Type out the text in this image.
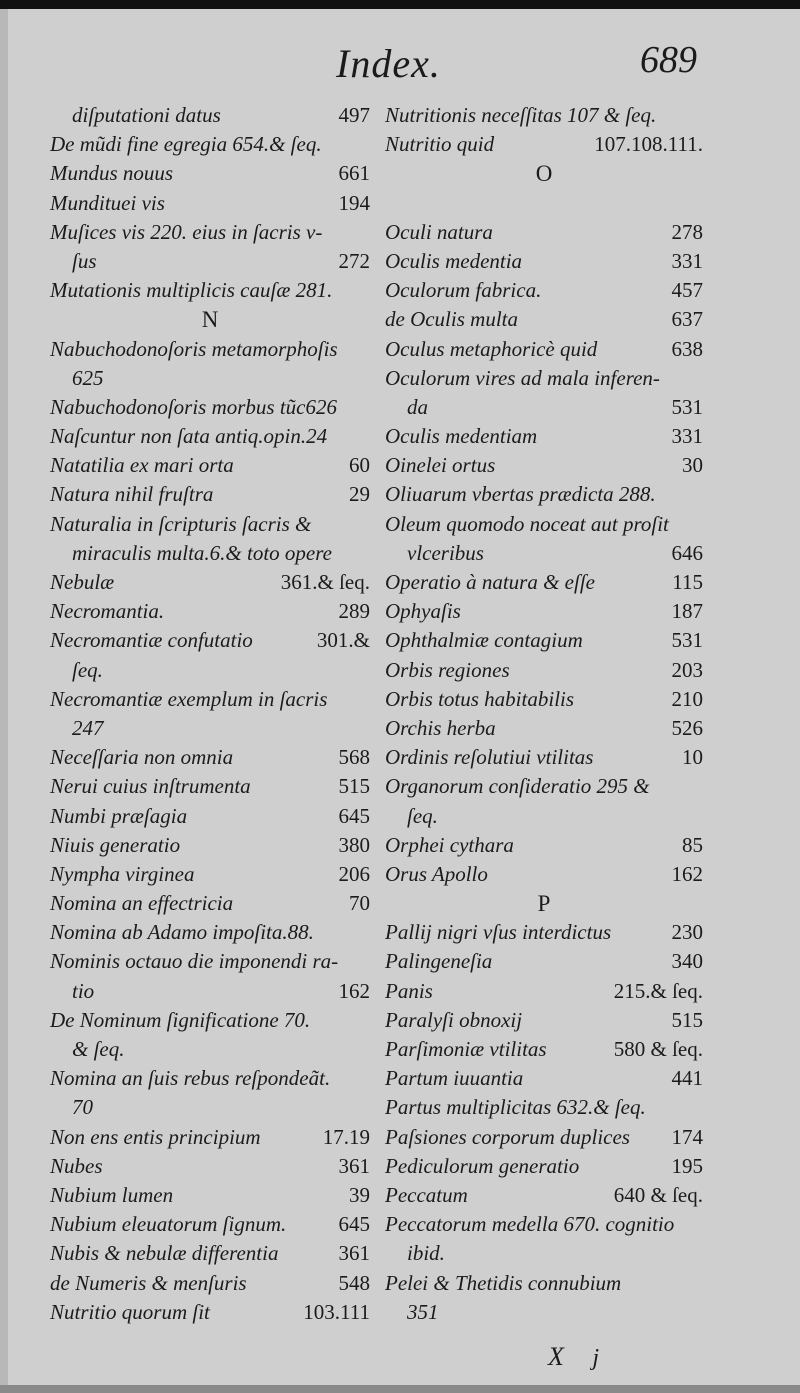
Index.	689
diſputationi datus	497
De mũdi fine egregia 654.& ſeq.
Mundus nouus	661
Mundituei vis	194
Muſices vis 220. eius in ſacris v-
ſus	272
Mutationis multiplicis cauſæ 281.
N
Nabuchodonoſoris metamorphoſis
625
Nabuchodonoſoris morbus tũc626
Naſcuntur non ſata antiq.opin.24
Natatilia ex mari orta	60
Natura nihil fruſtra	29
Naturalia in ſcripturis ſacris &
miraculis multa.6.& toto opere
Nebulæ	361.& ſeq.
Necromantia.	289
Necromantiæ confutatio	301.&
ſeq.
Necromantiæ exemplum in ſacris
247
Neceſſaria non omnia	568
Nerui cuius inſtrumenta	515
Numbi præſagia	645
Niuis generatio	380
Nympha virginea	206
Nomina an effectricia	70
Nomina ab Adamo impoſita.88.
Nominis octauo die imponendi ra-
tio	162
De Nominum ſignificatione 70.
& ſeq.
Nomina an ſuis rebus reſpondeãt.
70
Non ens entis principium	17.19
Nubes	361
Nubium lumen	39
Nubium eleuatorum ſignum. 645
Nubis & nebulæ differentia	361
de Numeris & menſuris	548
Nutritio quorum ſit	103.111
Nutritionis neceſſitas 107 & ſeq.
Nutritio quid	107.108.111.
O
Oculi natura	278
Oculis medentia	331
Oculorum fabrica.	457
de Oculis multa	637
Oculus metaphoricè quid	638
Oculorum vires ad mala inferen-
da	531
Oculis medentiam	331
Oinelei ortus	30
Oliuarum vbertas prædicta 288.
Oleum quomodo noceat aut proſit
vlceribus	646
Operatio à natura & eſſe	115
Ophyaſis	187
Ophthalmiæ contagium	531
Orbis regiones	203
Orbis totus habitabilis	210
Orchis herba	526
Ordinis reſolutiui vtilitas	10
Organorum conſideratio 295 &
ſeq.
Orphei cythara	85
Orus Apollo	162
P
Pallij nigri vſus interdictus	230
Palingeneſia	340
Panis	215.& ſeq.
Paralyſi obnoxij	515
Parſimoniæ vtilitas	580 & ſeq.
Partum iuuantia	441
Partus multiplicitas 632.& ſeq.
Paſsiones corporum duplices 174
Pediculorum generatio	195
Peccatum	640 & ſeq.
Peccatorum medella 670. cognitio
ibid.
Pelei & Thetidis connubium
351
X j
